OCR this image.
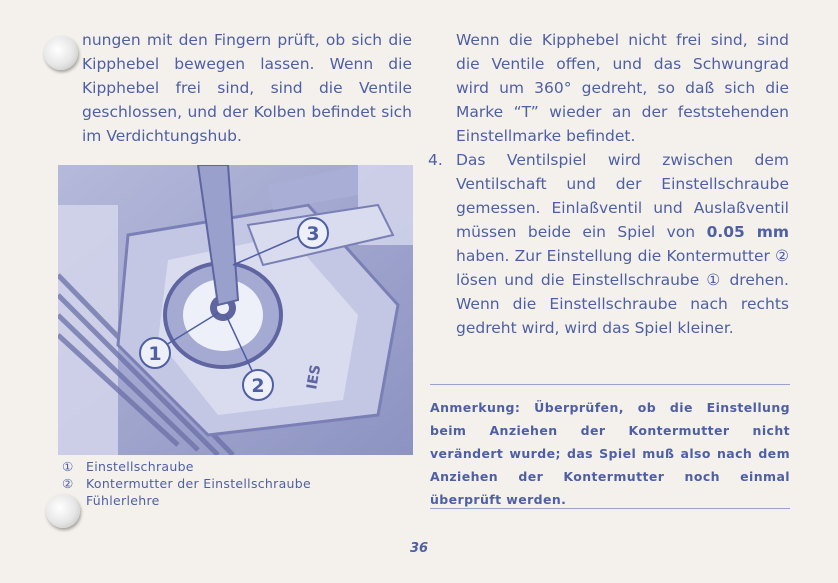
nungen mit den Fingern prüft, ob sich die Kipphebel bewegen lassen. Wenn die Kipphebel frei sind, sind die Ventile geschlossen, und der Kolben befindet sich im Verdichtungshub.

IES
3
1
2
① Einstellschraube
② Kontermutter der Einstellschraube
Fühlerlehre

Wenn die Kipphebel nicht frei sind, sind die Ventile offen, und das Schwungrad wird um 360° gedreht, so daß sich die Marke “T” wieder an der feststehenden Einstellmarke befindet.

4. Das Ventilspiel wird zwischen dem Ventilschaft und der Einstellschraube gemessen. Einlaßventil und Auslaßventil müssen beide ein Spiel von 0.05 mm haben. Zur Einstellung die Kontermutter ② lösen und die Einstellschraube ① drehen. Wenn die Einstellschraube nach rechts gedreht wird, wird das Spiel kleiner.

Anmerkung: Überprüfen, ob die Einstellung beim Anziehen der Kontermutter nicht verändert wurde; das Spiel muß also nach dem Anziehen der Kontermutter noch einmal überprüft werden.

36
